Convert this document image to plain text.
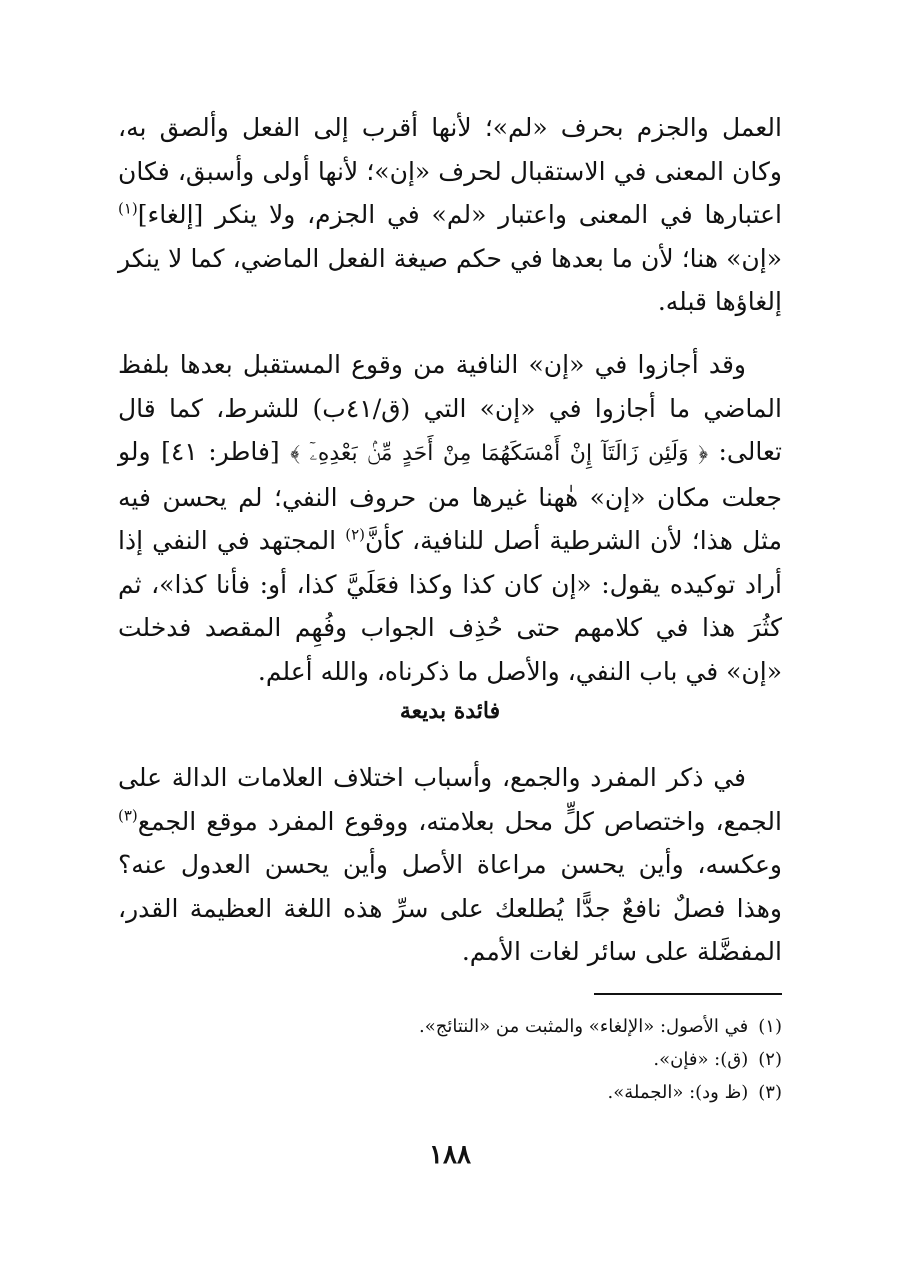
العمل والجزم بحرف «لم»؛ لأنها أقرب إلى الفعل وألصق به، وكان المعنى في الاستقبال لحرف «إن»؛ لأنها أولى وأسبق، فكان اعتبارها في المعنى واعتبار «لم» في الجزم، ولا ينكر [إلغاء]$^{(١)}$ «إن» هنا؛ لأن ما بعدها في حكم صيغة الفعل الماضي، كما لا ينكر إلغاؤها قبله.
وقد أجازوا في «إن» النافية من وقوع المستقبل بعدها بلفظ الماضي ما أجازوا في «إن» التي (ق/٤١ب) للشرط، كما قال تعالى: ﴿ وَلَئِن زَالَتَآ إِنْ أَمْسَكَهُمَا مِنْ أَحَدٍ مِّنۢ بَعْدِهِۦٓ ﴾ [فاطر: ٤١] ولو جعلت مكان «إن» هٰهنا غيرها من حروف النفي؛ لم يحسن فيه مثل هذا؛ لأن الشرطية أصل للنافية، كأنَّ$^{(٢)}$ المجتهد في النفي إذا أراد توكيده يقول: «إن كان كذا وكذا فعَلَيَّ كذا، أو: فأنا كذا»، ثم كثُرَ هذا في كلامهم حتى حُذِف الجواب وفُهِم المقصد فدخلت «إن» في باب النفي، والأصل ما ذكرناه، والله أعلم.
فائدة بديعة
في ذكر المفرد والجمع، وأسباب اختلاف العلامات الدالة على الجمع، واختصاص كلٍّ محل بعلامته، ووقوع المفرد موقع الجمع$^{(٣)}$ وعكسه، وأين يحسن مراعاة الأصل وأين يحسن العدول عنه؟ وهذا فصلٌ نافعٌ جدًّا يُطلعك على سرِّ هذه اللغة العظيمة القدر، المفضَّلة على سائر لغات الأمم.
(١)في الأصول: «الإلغاء» والمثبت من «النتائج».
(٢)(ق): «فإن».
(٣)(ظ ود): «الجملة».
١٨٨
